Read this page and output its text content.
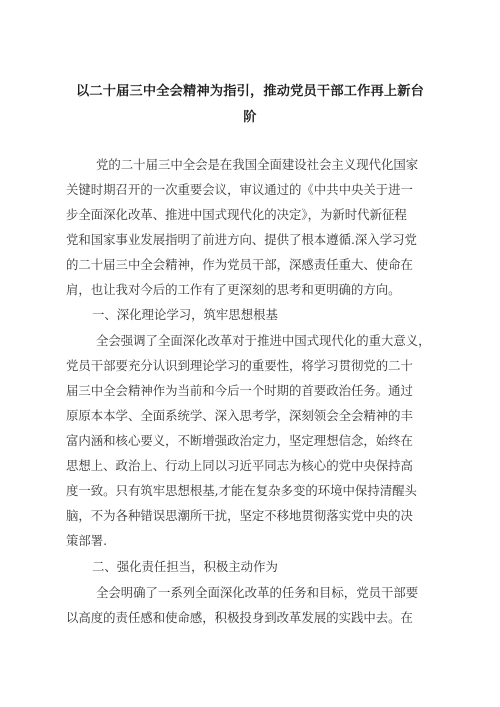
以二十届三中全会精神为指引，推动党员干部工作再上新台
阶
党的二十届三中全会是在我国全面建设社会主义现代化国家
关键时期召开的一次重要会议，审议通过的《中共中央关于进一
步全面深化改革、推进中国式现代化的决定》，为新时代新征程
党和国家事业发展指明了前进方向、提供了根本遵循.深入学习党
的二十届三中全会精神，作为党员干部，深感责任重大、使命在
肩，也让我对今后的工作有了更深刻的思考和更明确的方向。
一、深化理论学习，筑牢思想根基
全会强调了全面深化改革对于推进中国式现代化的重大意义，
党员干部要充分认识到理论学习的重要性，将学习贯彻党的二十
届三中全会精神作为当前和今后一个时期的首要政治任务。通过
原原本本学、全面系统学、深入思考学，深刻领会全会精神的丰
富内涵和核心要义，不断增强政治定力，坚定理想信念，始终在
思想上、政治上、行动上同以习近平同志为核心的党中央保持高
度一致。只有筑牢思想根基,才能在复杂多变的环境中保持清醒头
脑，不为各种错误思潮所干扰，坚定不移地贯彻落实党中央的决
策部署.
二、强化责任担当，积极主动作为
全会明确了一系列全面深化改革的任务和目标，党员干部要
以高度的责任感和使命感，积极投身到改革发展的实践中去。在
